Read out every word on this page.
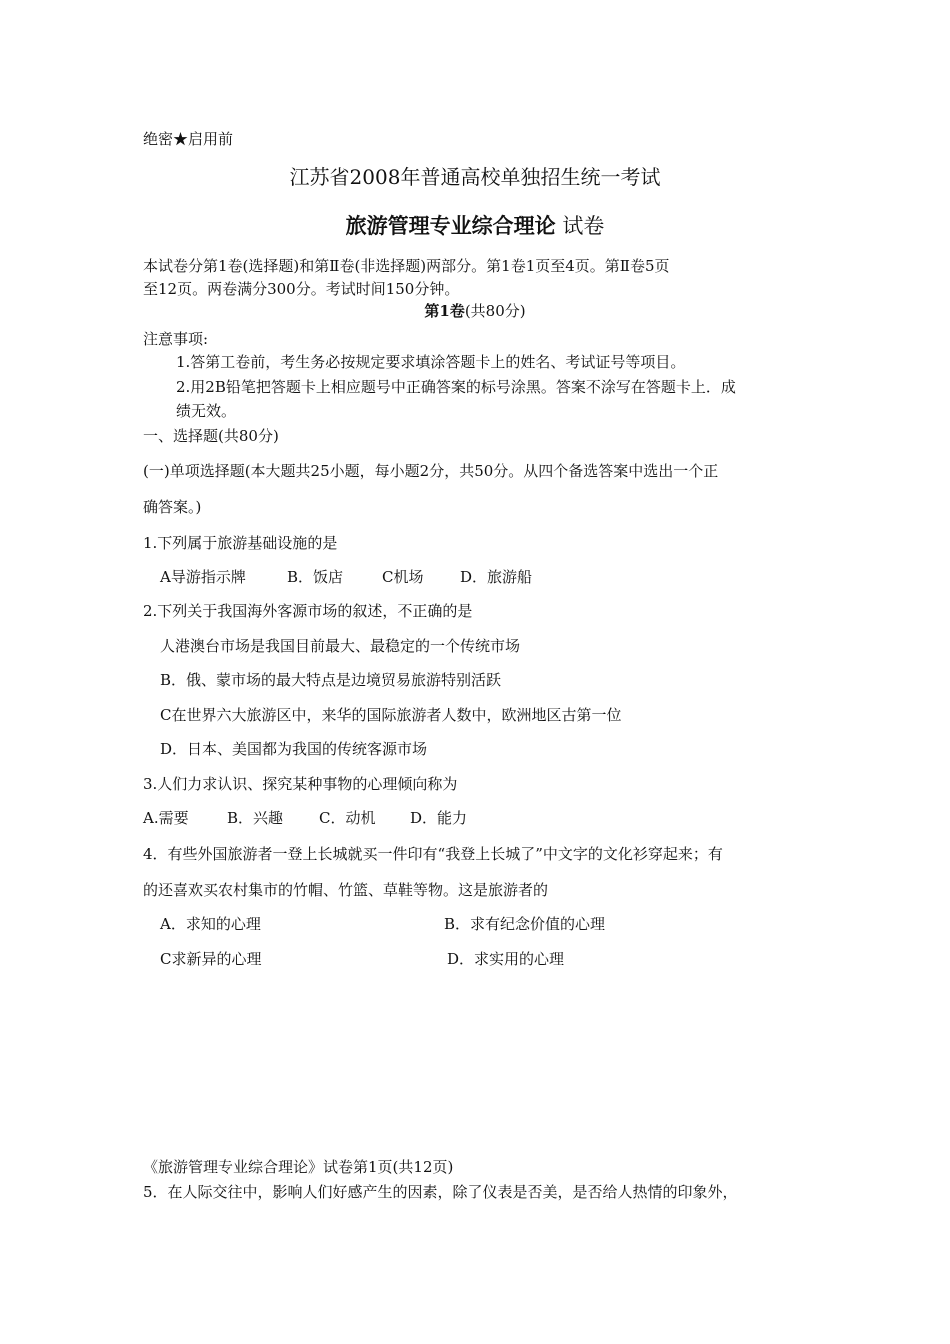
绝密★启用前
江苏省2008年普通高校单独招生统一考试
旅游管理专业综合理论 试卷
本试卷分第1卷(选择题)和第Ⅱ卷(非选择题)两部分。第1卷1页至4页。第Ⅱ卷5页
至12页。两卷满分300分。考试时间150分钟。
第1卷(共80分)
注意事项:
1.答第工卷前，考生务必按规定要求填涂答题卡上的姓名、考试证号等项目。
2.用2B铅笔把答题卡上相应题号中正确答案的标号涂黑。答案不涂写在答题卡上．成
绩无效。
一、选择题(共80分)
(一)单项选择题(本大题共25小题，每小题2分，共50分。从四个备选答案中选出一个正
确答案。)
1.下列属于旅游基础设施的是
A导游指示牌	B．饭店	C机场 D．旅游船
2.下列关于我国海外客源市场的叙述，不正确的是
人港澳台市场是我国目前最大、最稳定的一个传统市场
B．俄、蒙市场的最大特点是边境贸易旅游特别活跃
C在世界六大旅游区中，来华的国际旅游者人数中，欧洲地区古第一位
D．日本、美国都为我国的传统客源市场
3.人们力求认识、探究某种事物的心理倾向称为
A.需要	B．兴趣 C．动机 D．能力
4．有些外国旅游者一登上长城就买一件印有“我登上长城了”中文字的文化衫穿起来；有
的还喜欢买农村集市的竹帽、竹篮、草鞋等物。这是旅游者的
A．求知的心理	B．求有纪念价值的心理
C求新异的心理	D．求实用的心理
《旅游管理专业综合理论》试卷第1页(共12页)
5．在人际交往中，影响人们好感产生的因素，除了仪表是否美，是否给人热情的印象外，
